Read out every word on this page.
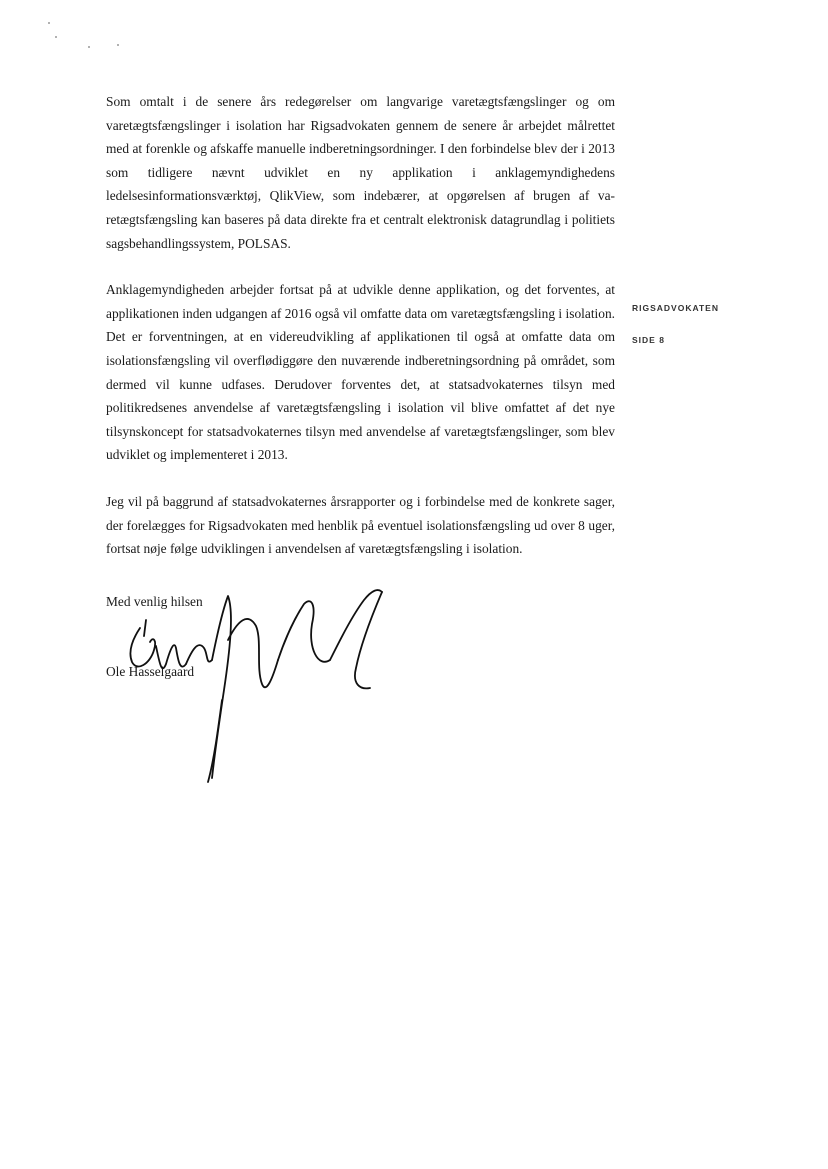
Som omtalt i de senere års redegørelser om langvarige varetægtsfængslinger og om varetægtsfængslinger i isolation har Rigsadvokaten gennem de senere år arbejdet målrettet med at forenkle og afskaffe manuelle indberetningsordninger. I den forbindelse blev der i 2013 som tidligere nævnt udviklet en ny applikation i anklagemyndighedens ledelsesinformationsværktøj, QlikView, som indebærer, at opgørelsen af brugen af varetægtsfængsling kan baseres på data direkte fra et centralt elektronisk datagrundlag i politiets sagsbehandlingssystem, POLSAS.

Anklagemyndigheden arbejder fortsat på at udvikle denne applikation, og det forventes, at applikationen inden udgangen af 2016 også vil omfatte data om varetægtsfængsling i isolation. Det er forventningen, at en videreudvikling af applikationen til også at omfatte data om isolationsfængsling vil overflødiggøre den nuværende indberetningsordning på området, som dermed vil kunne udfases. Derudover forventes det, at statsadvokaternes tilsyn med politikredsenes anvendelse af varetægtsfængsling i isolation vil blive omfattet af det nye tilsynskoncept for statsadvokaternes tilsyn med anvendelse af varetægtsfængslinger, som blev udviklet og implementeret i 2013.

Jeg vil på baggrund af statsadvokaternes årsrapporter og i forbindelse med de konkrete sager, der forelægges for Rigsadvokaten med henblik på eventuel isolationsfængsling ud over 8 uger, fortsat nøje følge udviklingen i anvendelsen af varetægtsfængsling i isolation.

RIGSADVOKATEN
SIDE 8

Med venlig hilsen

Ole Hasselgaard
